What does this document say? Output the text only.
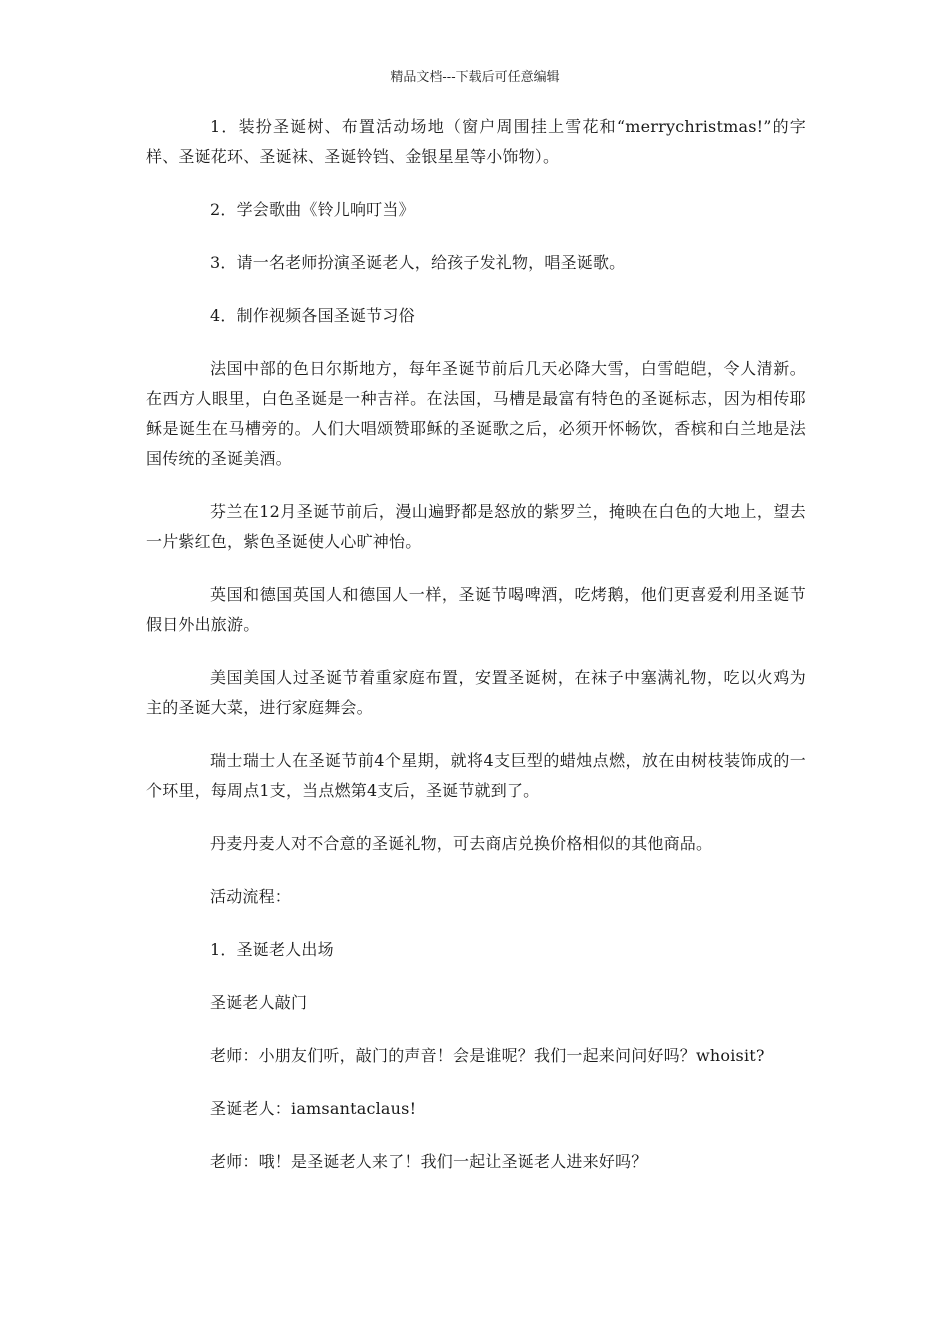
精品文档---下载后可任意编辑

1．装扮圣诞树、布置活动场地（窗户周围挂上雪花和“merrychristmas!”的字样、圣诞花环、圣诞袜、圣诞铃铛、金银星星等小饰物）。

2．学会歌曲《铃儿响叮当》

3．请一名老师扮演圣诞老人，给孩子发礼物，唱圣诞歌。

4．制作视频各国圣诞节习俗

法国中部的色日尔斯地方，每年圣诞节前后几天必降大雪，白雪皑皑，令人清新。在西方人眼里，白色圣诞是一种吉祥。在法国，马槽是最富有特色的圣诞标志，因为相传耶稣是诞生在马槽旁的。人们大唱颂赞耶稣的圣诞歌之后，必须开怀畅饮，香槟和白兰地是法国传统的圣诞美酒。

芬兰在12月圣诞节前后，漫山遍野都是怒放的紫罗兰，掩映在白色的大地上，望去一片紫红色，紫色圣诞使人心旷神怡。

英国和德国英国人和德国人一样，圣诞节喝啤酒，吃烤鹅，他们更喜爱利用圣诞节假日外出旅游。

美国美国人过圣诞节着重家庭布置，安置圣诞树，在袜子中塞满礼物，吃以火鸡为主的圣诞大菜，进行家庭舞会。

瑞士瑞士人在圣诞节前4个星期，就将4支巨型的蜡烛点燃，放在由树枝装饰成的一个环里，每周点1支，当点燃第4支后，圣诞节就到了。

丹麦丹麦人对不合意的圣诞礼物，可去商店兑换价格相似的其他商品。

活动流程：

1．圣诞老人出场

圣诞老人敲门

老师：小朋友们听，敲门的声音！会是谁呢？我们一起来问问好吗？whoisit?

圣诞老人：iamsantaclaus!

老师：哦！是圣诞老人来了！我们一起让圣诞老人进来好吗？
